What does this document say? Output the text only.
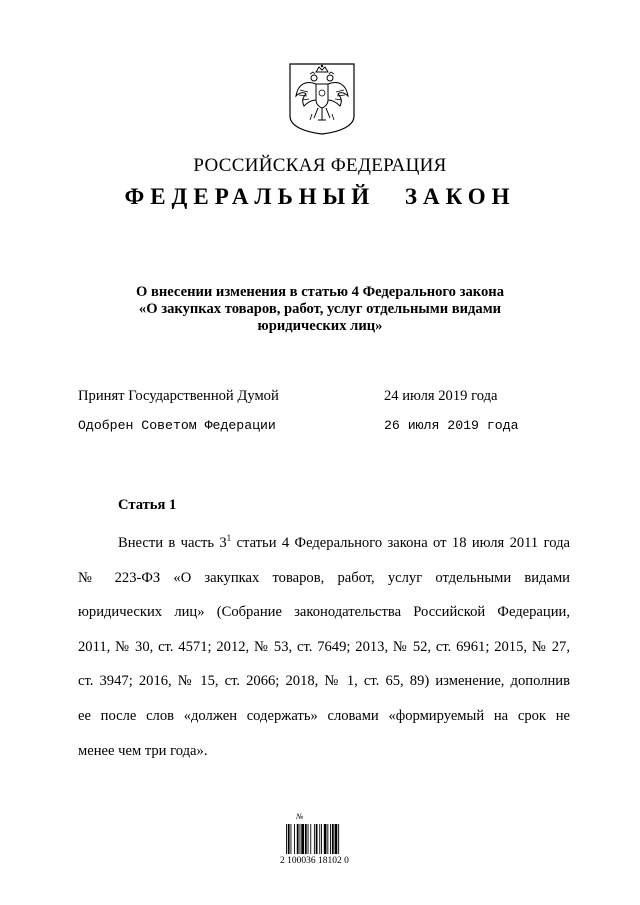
РОССИЙСКАЯ ФЕДЕРАЦИЯ
ФЕДЕРАЛЬНЫЙ ЗАКОН
О внесении изменения в статью 4 Федерального закона
«О закупках товаров, работ, услуг отдельными видами
юридических лиц»
Принят Государственной Думой	24 июля 2019 года
Одобрен Советом Федерации	26 июля 2019 года
Статья 1
Внести в часть $3^1$ статьи 4 Федерального закона от 18 июля 2011 года
№ 223-ФЗ «О закупках товаров, работ, услуг отдельными видами
юридических лиц» (Собрание законодательства Российской Федерации,
2011, № 30, ст. 4571; 2012, № 53, ст. 7649; 2013, № 52, ст. 6961; 2015, № 27,
ст. 3947; 2016, № 15, ст. 2066; 2018, № 1, ст. 65, 89) изменение, дополнив
ее после слов «должен содержать» словами «формируемый на срок не
менее чем три года».
№
2 100036 18102 0
